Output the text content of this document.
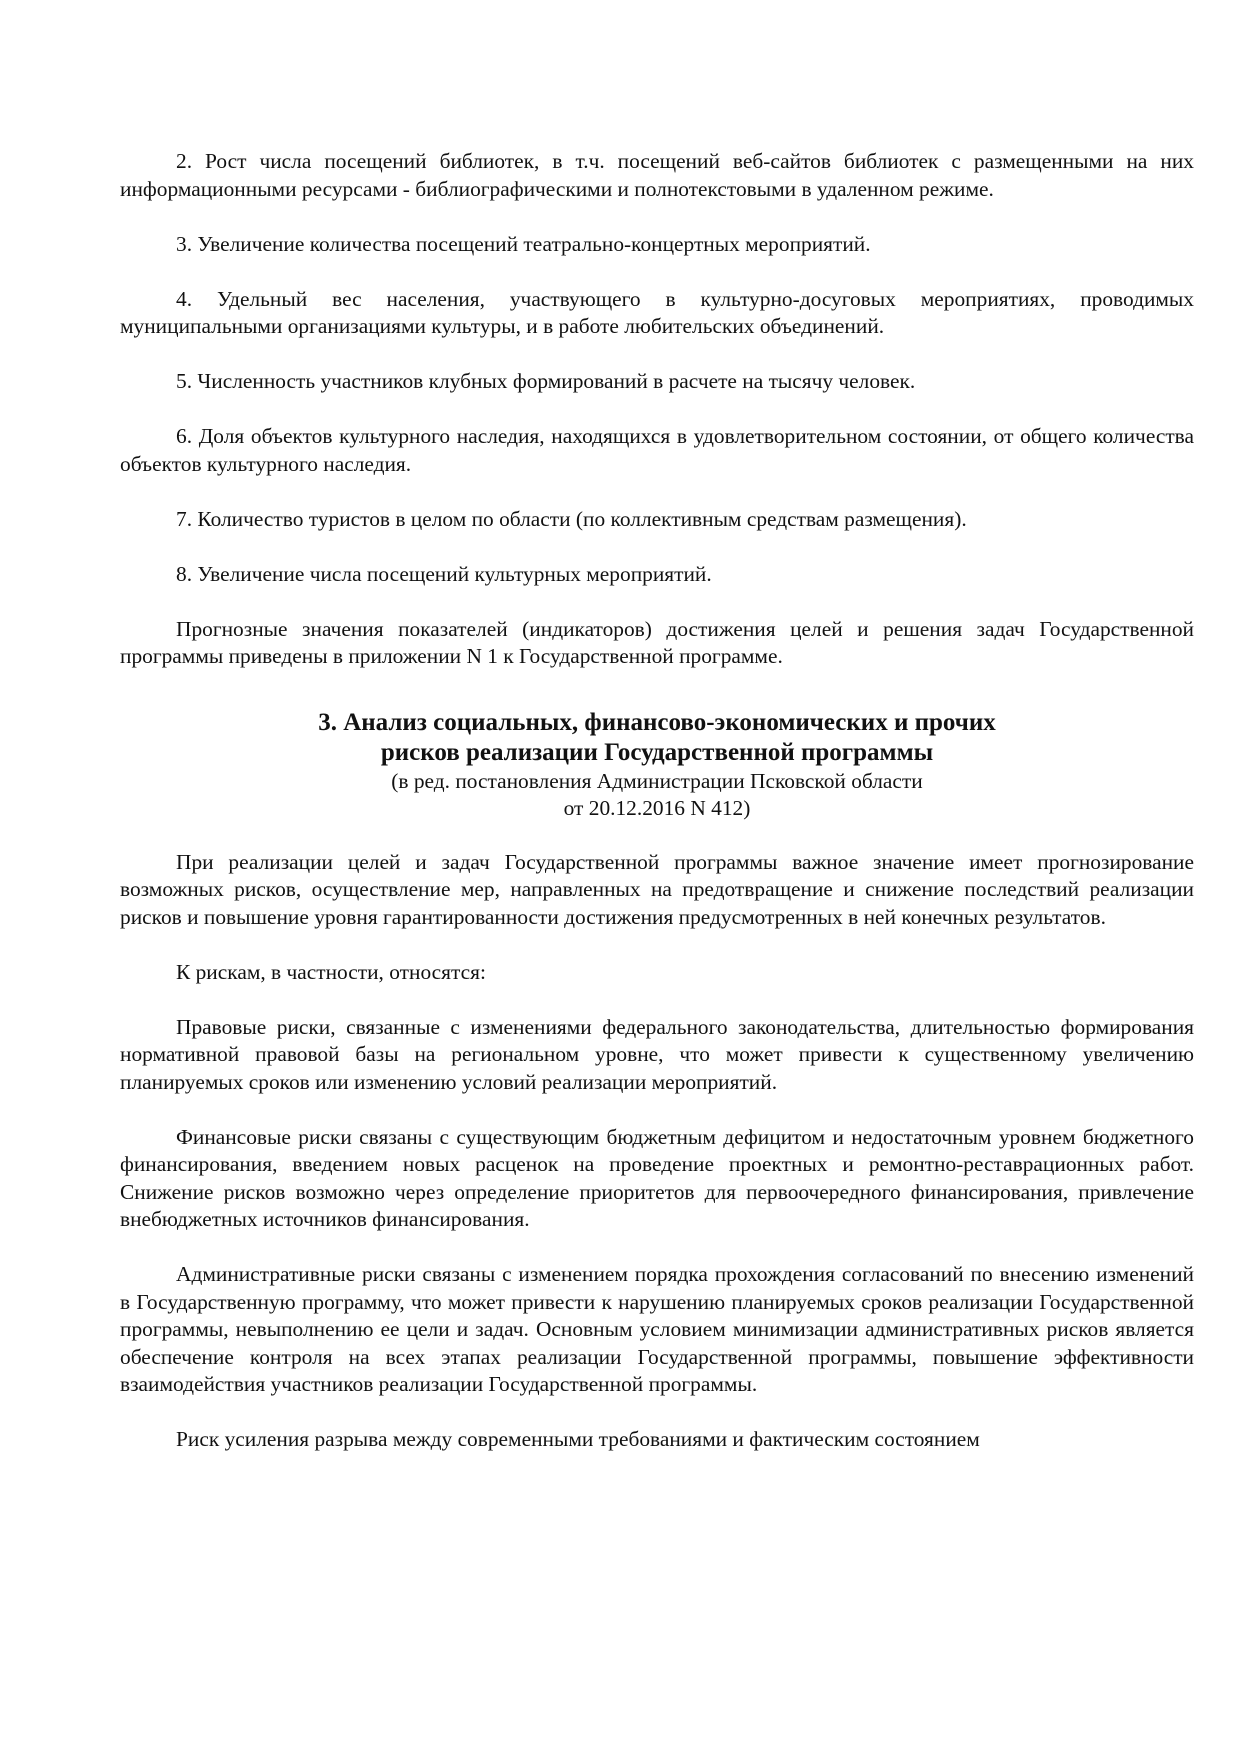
2. Рост числа посещений библиотек, в т.ч. посещений веб-сайтов библиотек с размещенными на них информационными ресурсами - библиографическими и полнотекстовыми в удаленном режиме.

3. Увеличение количества посещений театрально-концертных мероприятий.

4. Удельный вес населения, участвующего в культурно-досуговых мероприятиях, проводимых муниципальными организациями культуры, и в работе любительских объединений.

5. Численность участников клубных формирований в расчете на тысячу человек.

6. Доля объектов культурного наследия, находящихся в удовлетворительном состоянии, от общего количества объектов культурного наследия.

7. Количество туристов в целом по области (по коллективным средствам размещения).

8. Увеличение числа посещений культурных мероприятий.

Прогнозные значения показателей (индикаторов) достижения целей и решения задач Государственной программы приведены в приложении N 1 к Государственной программе.

3. Анализ социальных, финансово-экономических и прочих

рисков реализации Государственной программы

(в ред. постановления Администрации Псковской области

от 20.12.2016 N 412)

При реализации целей и задач Государственной программы важное значение имеет прогнозирование возможных рисков, осуществление мер, направленных на предотвращение и снижение последствий реализации рисков и повышение уровня гарантированности достижения предусмотренных в ней конечных результатов.

К рискам, в частности, относятся:

Правовые риски, связанные с изменениями федерального законодательства, длительностью формирования нормативной правовой базы на региональном уровне, что может привести к существенному увеличению планируемых сроков или изменению условий реализации мероприятий.

Финансовые риски связаны с существующим бюджетным дефицитом и недостаточным уровнем бюджетного финансирования, введением новых расценок на проведение проектных и ремонтно-реставрационных работ. Снижение рисков возможно через определение приоритетов для первоочередного финансирования, привлечение внебюджетных источников финансирования.

Административные риски связаны с изменением порядка прохождения согласований по внесению изменений в Государственную программу, что может привести к нарушению планируемых сроков реализации Государственной программы, невыполнению ее цели и задач. Основным условием минимизации административных рисков является обеспечение контроля на всех этапах реализации Государственной программы, повышение эффективности взаимодействия участников реализации Государственной программы.

Риск усиления разрыва между современными требованиями и фактическим состоянием
